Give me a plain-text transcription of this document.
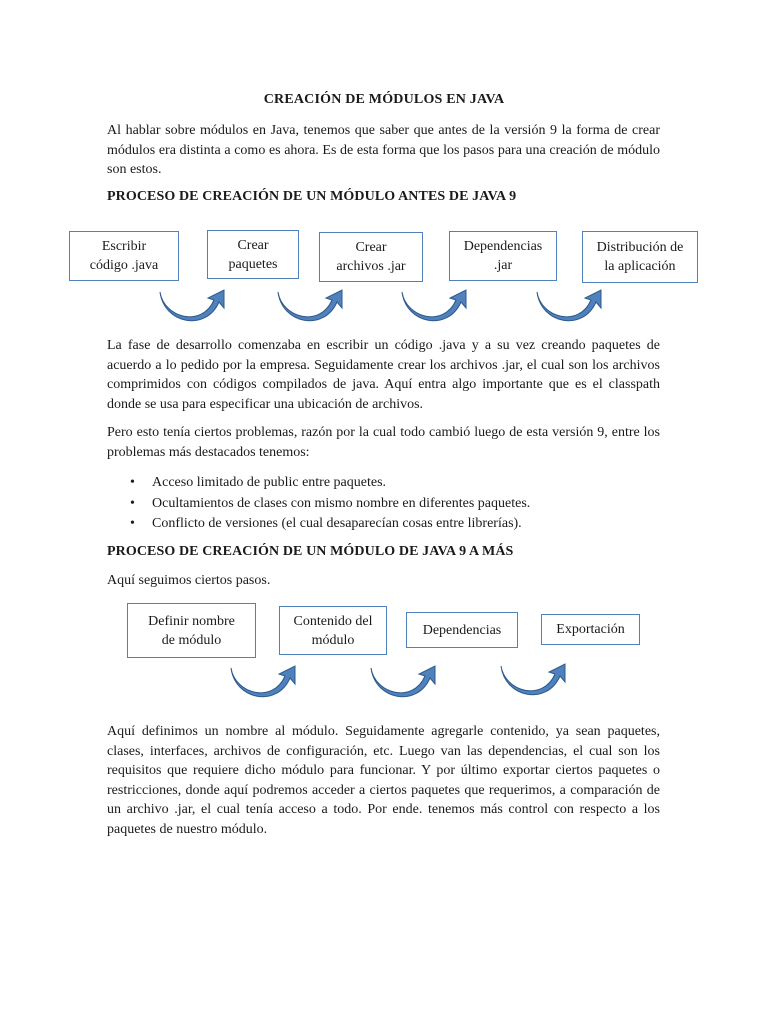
CREACIÓN DE MÓDULOS EN JAVA

Al hablar sobre módulos en Java, tenemos que saber que antes de la versión 9 la forma de crear módulos era distinta a como es ahora. Es de esta forma que los pasos para una creación de módulo son estos.

PROCESO DE CREACIÓN DE UN MÓDULO ANTES DE JAVA 9
Escribir
código .java
Crear
paquetes
Crear
archivos .jar
Dependencias
.jar
Distribución de
la aplicación

La fase de desarrollo comenzaba en escribir un código .java y a su vez creando paquetes de acuerdo a lo pedido por la empresa. Seguidamente crear los archivos .jar, el cual son los archivos comprimidos con códigos compilados de java. Aquí entra algo importante que es el classpath donde se usa para especificar una ubicación de archivos.

Pero esto tenía ciertos problemas, razón por la cual todo cambió luego de esta versión 9, entre los problemas más destacados tenemos:

• Acceso limitado de public entre paquetes.
• Ocultamientos de clases con mismo nombre en diferentes paquetes.
• Conflicto de versiones (el cual desaparecían cosas entre librerías).
PROCESO DE CREACIÓN DE UN MÓDULO DE JAVA 9 A MÁS
Aquí seguimos ciertos pasos.
Definir nombre
de módulo
Contenido del
módulo
Dependencias	Exportación

Aquí definimos un nombre al módulo. Seguidamente agregarle contenido, ya sean paquetes, clases, interfaces, archivos de configuración, etc. Luego van las dependencias, el cual son los requisitos que requiere dicho módulo para funcionar. Y por último exportar ciertos paquetes o restricciones, donde aquí podremos acceder a ciertos paquetes que requerimos, a comparación de un archivo .jar, el cual tenía acceso a todo. Por ende. tenemos más control con respecto a los paquetes de nuestro módulo.
